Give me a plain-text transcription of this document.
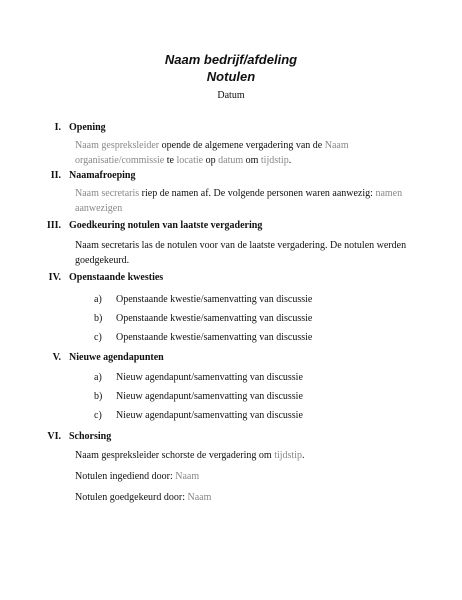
Naam bedrijf/afdeling
Notulen
Datum
I. Opening
Naam gespreksleider opende de algemene vergadering van de Naam organisatie/commissie te locatie op datum om tijdstip.
II. Naamafroeping
Naam secretaris riep de namen af. De volgende personen waren aanwezig: namen aanwezigen
III. Goedkeuring notulen van laatste vergadering
Naam secretaris las de notulen voor van de laatste vergadering. De notulen werden goedgekeurd.
IV. Openstaande kwesties
a) Openstaande kwestie/samenvatting van discussie
b) Openstaande kwestie/samenvatting van discussie
c) Openstaande kwestie/samenvatting van discussie
V. Nieuwe agendapunten
a) Nieuw agendapunt/samenvatting van discussie
b) Nieuw agendapunt/samenvatting van discussie
c) Nieuw agendapunt/samenvatting van discussie
VI. Schorsing
Naam gespreksleider schorste de vergadering om tijdstip.
Notulen ingediend door: Naam
Notulen goedgekeurd door: Naam
